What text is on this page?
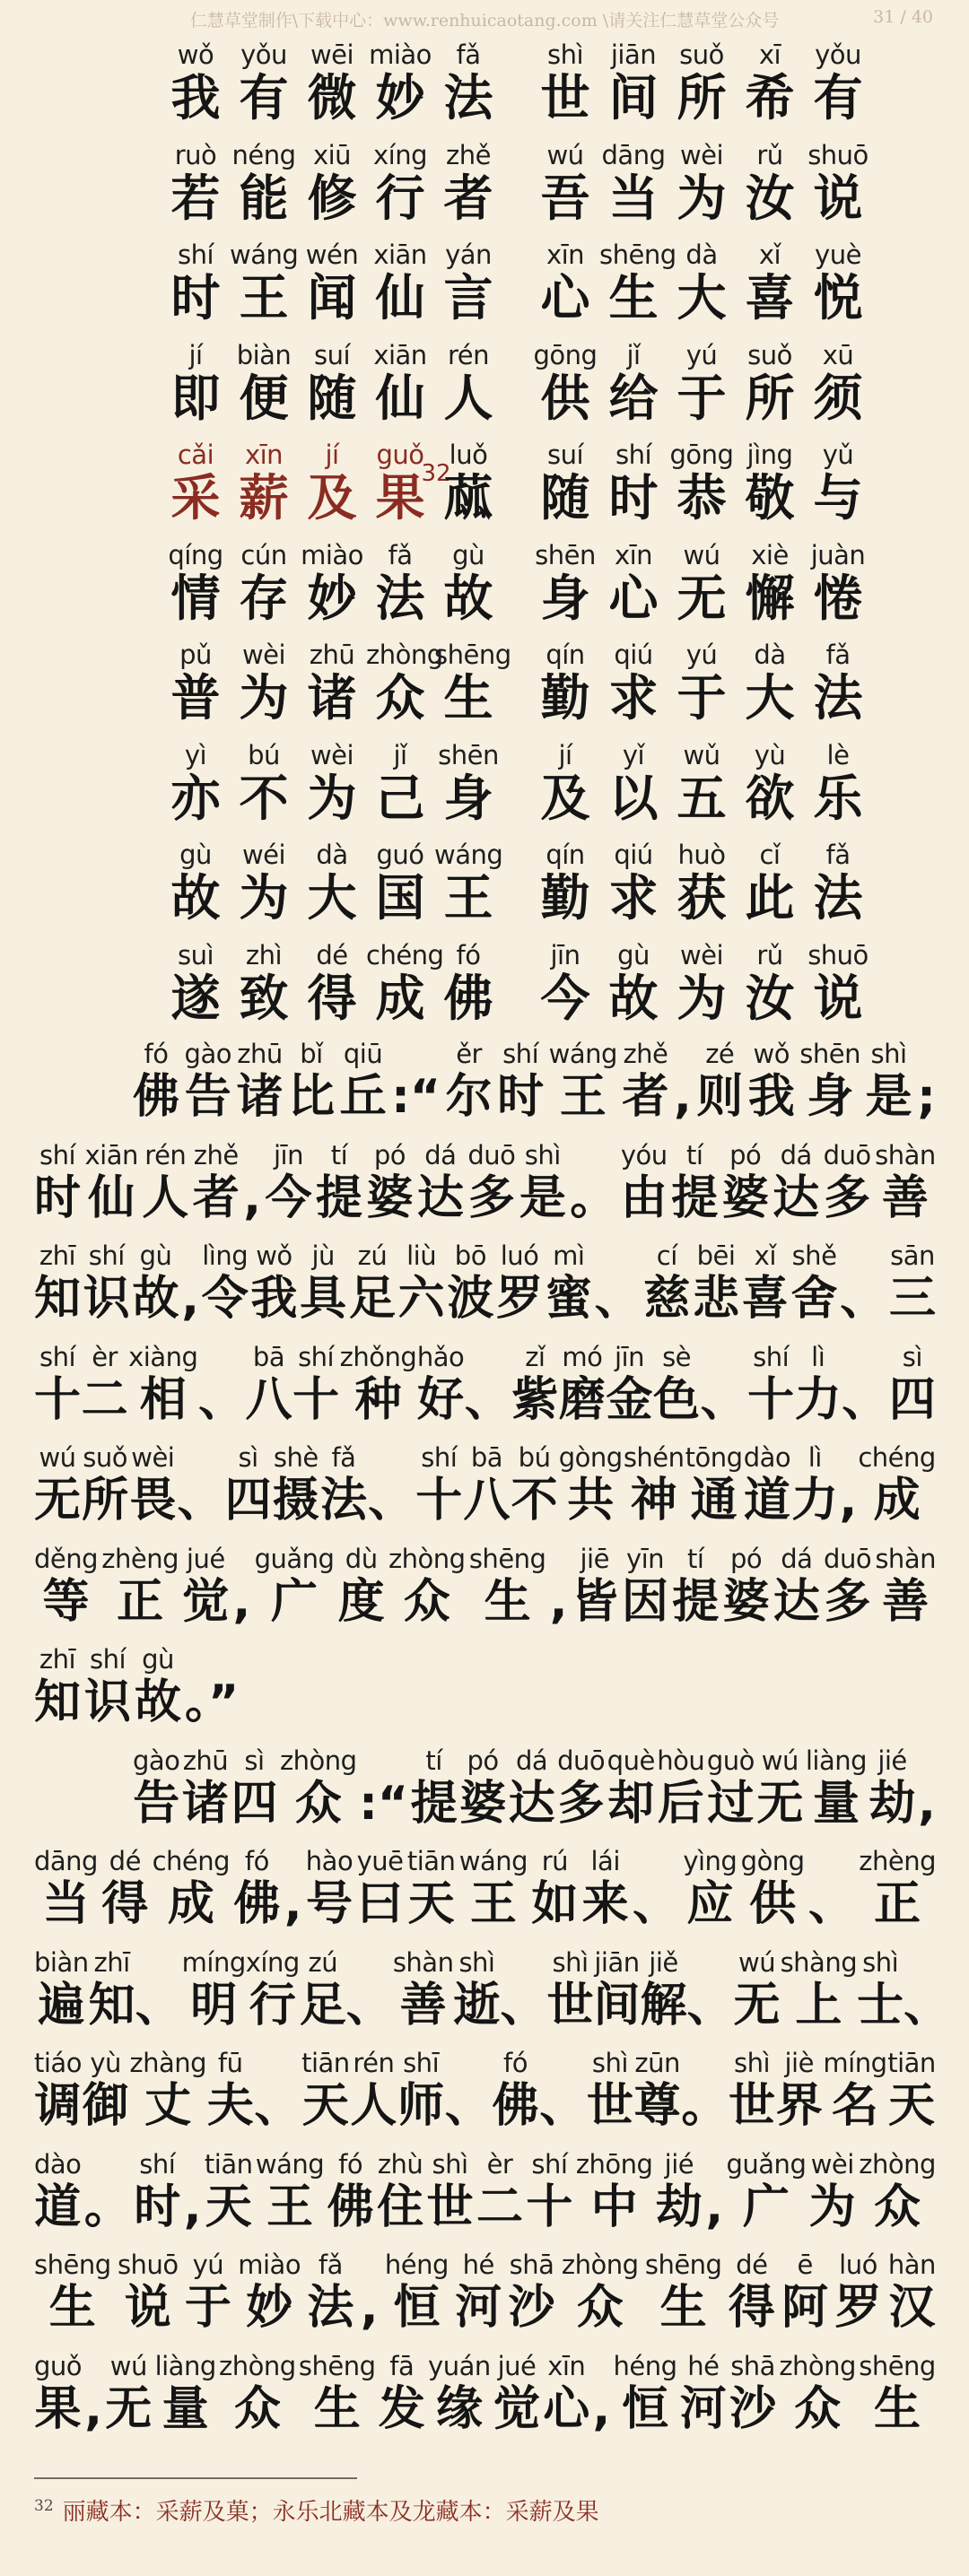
仁慧草堂制作\下载中心：www.renhuicaotang.com \请关注仁慧草堂公众号	31 / 40
wǒ	yǒu wēi miào fǎ
我 有 微 妙 法
shì	jiān suǒ	xī	yǒu
世 间 所 希 有
ruò néng xiū xíng zhě
若 能 修 行 者
wú dāng wèi	rǔ shuō
吾 当 为 汝 说
shí wáng wén xiān yán
时 王 闻 仙 言
xīn shēng dà	xǐ	yuè
心 生 大 喜 悦
jí	biàn suí xiān rén
即 便 随 仙 人
gōng	jǐ	yú	suǒ	xū
供 给 于 所 须
cǎi	xīn	jí	guǒ luǒ
采 薪 及 果
32
蓏
suí	shí gōng jìng	yǔ
随 时 恭 敬 与
qíng cún miào fǎ	gù
情 存 妙 法 故
shēn xīn	wú	xiè juàn
身 心 无 懈 惓
pǔ	wèi zhū zhòng
shēng
普 为 诸 众 生
qín	qiú	yú	dà	fǎ
勤 求 于 大 法
yì	bú	wèi	jǐ	shēn
亦 不 为 己 身
jí	yǐ	wǔ	yù	lè
及 以 五 欲 乐
gù	wéi	dà	guó wáng
故 为 大 国 王
qín	qiú huò	cǐ	fǎ
勤 求 获 此 法
suì	zhì	dé chéng fó
遂 致 得 成 佛
jīn	gù	wèi	rǔ shuō
今 故 为 汝 说
fó
佛
gào
告
zhū
诸
bǐ
比
qiū
丘
:“
ěr
尔
shí
时
wáng
王
zhě
者
,
zé
则
wǒ
我
shēn
身
shì
是
;
shí
时
xiān
仙
rén
人
zhě
者
,
jīn
今
tí
提
pó
婆
dá
达
duō
多
shì
是
。
yóu
由
tí
提
pó
婆
dá
达
duō
多
shàn
善
zhī
知
shí
识
gù
故
,
lìng
令
wǒ
我
jù
具
zú
足
liù
六
bō
波
luó
罗
mì
蜜
、
cí
慈
bēi
悲
xǐ
喜
shě
舍
、
sān
三
shí
十
èr
二
xiàng
相
、
bā
八
shí
十
zhǒng
种
hǎo
好
、
zǐ
紫
mó
磨
jīn
金
sè
色
、
shí
十
lì
力
、
sì
四
wú
无
suǒ
所
wèi
畏
、
sì
四
shè
摄
fǎ
法
、
shí
十
bā
八
bú
不
gòng
共
shén
神
tōng
通
dào
道
lì
力
,
chéng
成
děng
等
zhèng
正
jué
觉
,
guǎng
广
dù
度
zhòng
众
shēng
生
,
jiē
皆
yīn
因
tí
提
pó
婆
dá
达
duō
多
shàn
善
zhī
知
shí
识
gù
故
。”
gào
告
zhū
诸
sì
四
zhòng
众
:“
tí
提
pó
婆
dá
达
duō
多
què
却
hòu
后
guò
过
wú
无
liàng
量
jié
劫
,
dāng
当
dé
得
chéng
成
fó
佛
,
hào
号
yuē
曰
tiān
天
wáng
王
rú
如
lái
来
、
yìng
应
gòng
供
、
zhèng
正
biàn
遍
zhī
知
、
míng
明
xíng
行
zú
足
、
shàn
善
shì
逝
、
shì
世
jiān
间
jiě
解
、
wú
无
shàng
上
shì
士
、
tiáo
调
yù
御
zhàng
丈
fū
夫
、
tiān
天
rén
人
shī
师
、
fó
佛
、
shì
世
zūn
尊
。
shì
世
jiè
界
míng
名
tiān
天
dào
道
。
shí
时
,
tiān
天
wáng
王
fó
佛
zhù
住
shì
世
èr
二
shí
十
zhōng
中
jié
劫
,
guǎng
广
wèi
为
zhòng
众
shēng
生
shuō
说
yú
于
miào
妙
fǎ
法
,
héng
恒
hé
河
shā
沙
zhòng
众
shēng
生
dé
得
ē
阿
luó
罗
hàn
汉
guǒ
果
,
wú
无
liàng
量
zhòng
众
shēng
生
fā
发
yuán
缘
jué
觉
xīn
心
,
héng
恒
hé
河
shā
沙
zhòng
众
shēng
生
$^{32}$ 丽藏本：采薪及菓；永乐北藏本及龙藏本：采薪及果
